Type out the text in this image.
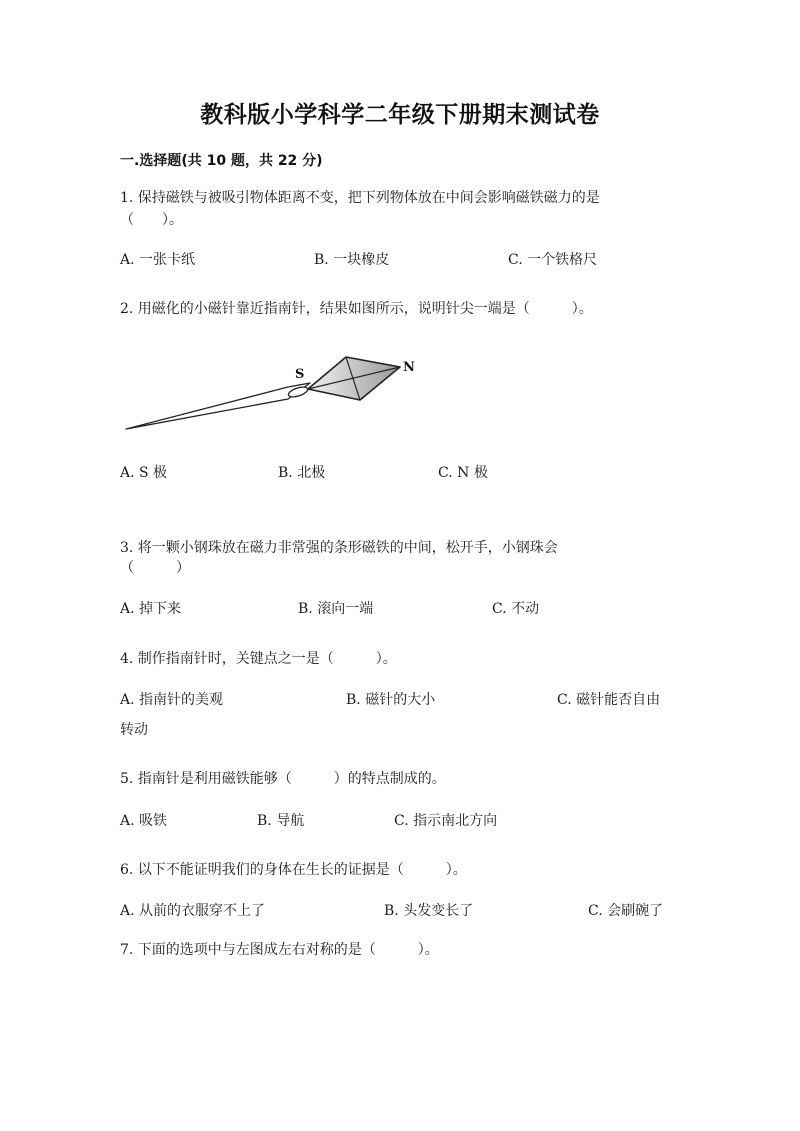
教科版小学科学二年级下册期末测试卷
一.选择题(共 10 题，共 22 分)
1. 保持磁铁与被吸引物体距离不变，把下列物体放在中间会影响磁铁磁力的是
（　　）。
A. 一张卡纸	B. 一块橡皮	C. 一个铁格尺
2. 用磁化的小磁针靠近指南针，结果如图所示，说明针尖一端是（　　　）。
S	N
A. S 极	B. 北极	C. N 极
3. 将一颗小钢珠放在磁力非常强的条形磁铁的中间，松开手，小钢珠会
（　　　）
A. 掉下来	B. 滚向一端	C. 不动
4. 制作指南针时，关键点之一是（　　　）。
A. 指南针的美观	B. 磁针的大小	C. 磁针能否自由
转动
5. 指南针是利用磁铁能够（　　　）的特点制成的。
A. 吸铁	B. 导航	C. 指示南北方向
6. 以下不能证明我们的身体在生长的证据是（　　　）。
A. 从前的衣服穿不上了	B. 头发变长了	C. 会刷碗了
7. 下面的选项中与左图成左右对称的是（　　　）。
